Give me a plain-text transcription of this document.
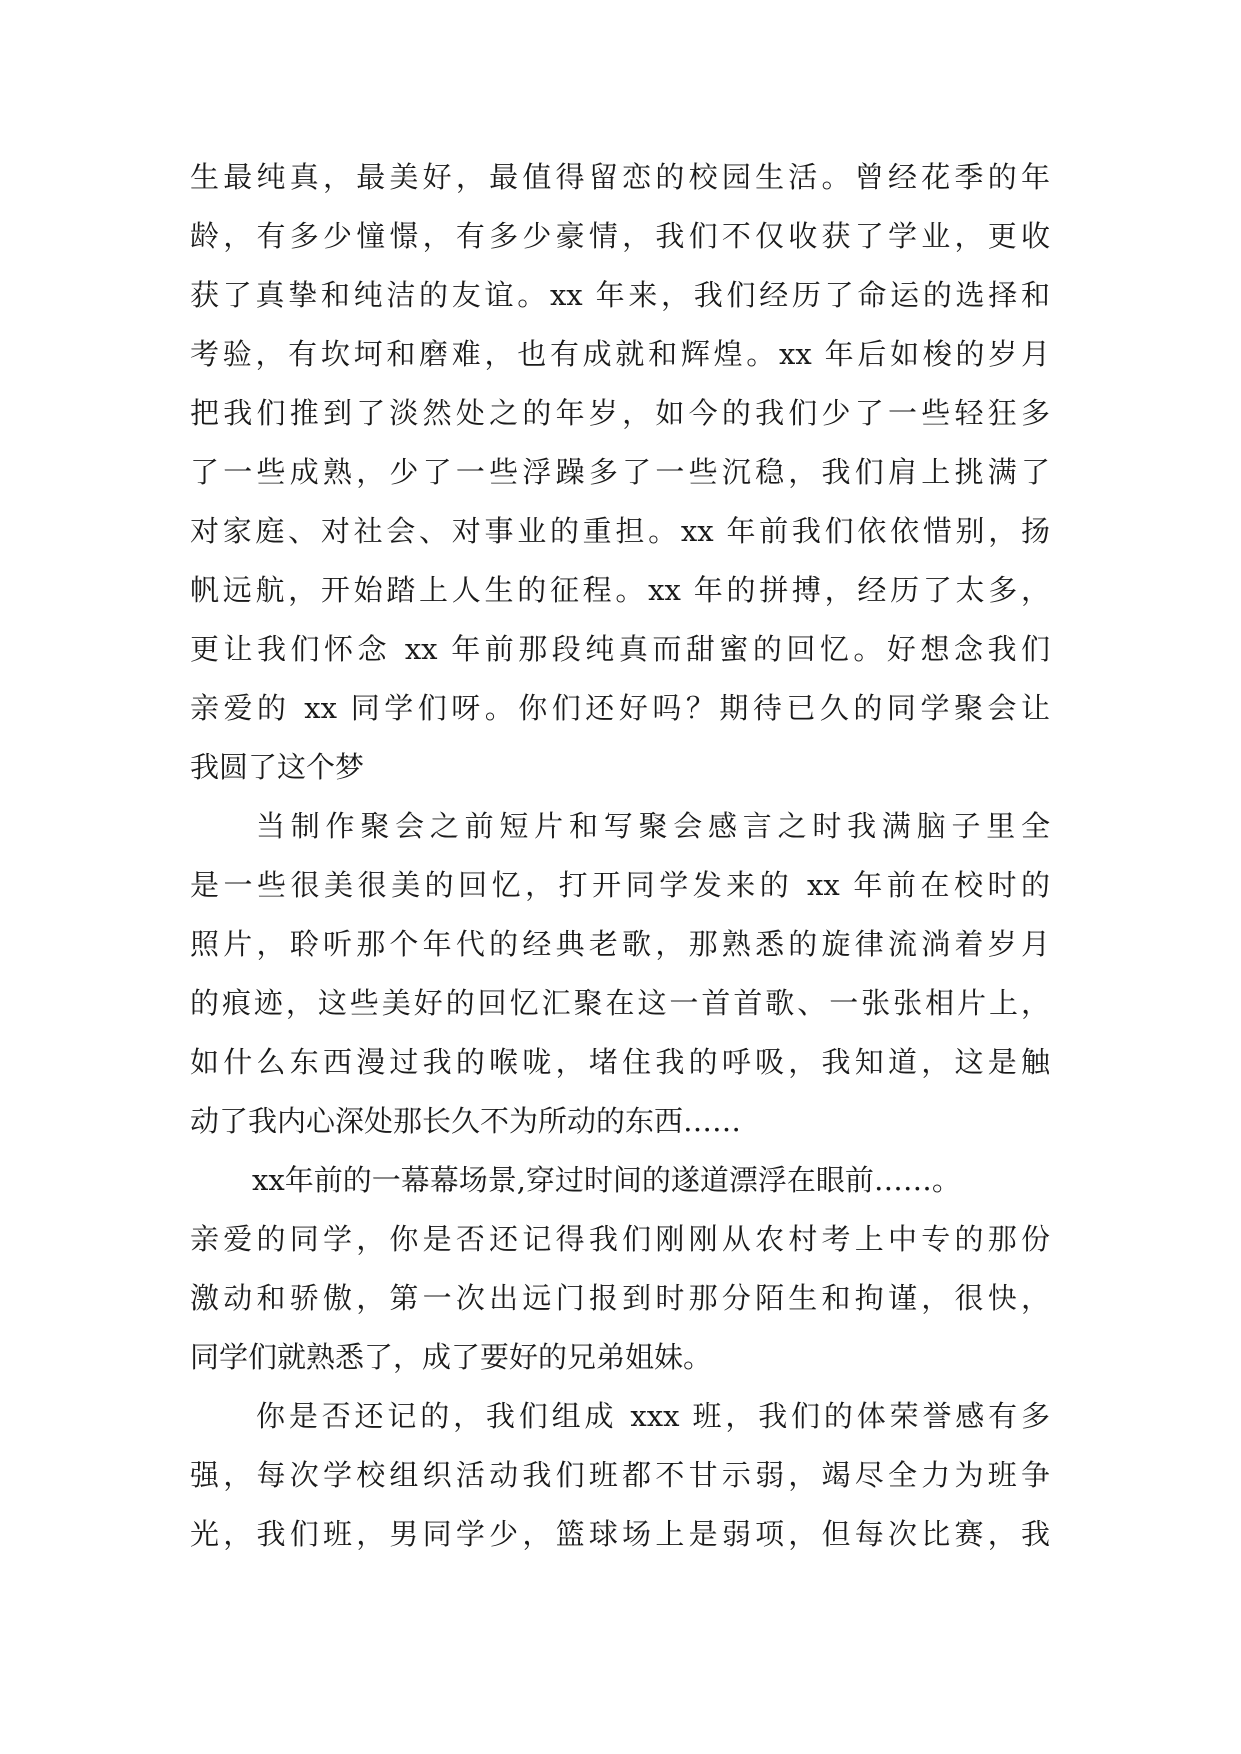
生最纯真，最美好，最值得留恋的校园生活。曾经花季的年
龄，有多少憧憬，有多少豪情，我们不仅收获了学业，更收
获了真挚和纯洁的友谊。xx 年来，我们经历了命运的选择和
考验，有坎坷和磨难，也有成就和辉煌。xx 年后如梭的岁月
把我们推到了淡然处之的年岁，如今的我们少了一些轻狂多
了一些成熟，少了一些浮躁多了一些沉稳，我们肩上挑满了
对家庭、对社会、对事业的重担。xx 年前我们依依惜别，扬
帆远航，开始踏上人生的征程。xx 年的拼搏，经历了太多，
更让我们怀念 xx 年前那段纯真而甜蜜的回忆。好想念我们
亲爱的 xx 同学们呀。你们还好吗？期待已久的同学聚会让
我圆了这个梦
当制作聚会之前短片和写聚会感言之时我满脑子里全
是一些很美很美的回忆，打开同学发来的 xx 年前在校时的
照片，聆听那个年代的经典老歌，那熟悉的旋律流淌着岁月
的痕迹，这些美好的回忆汇聚在这一首首歌、一张张相片上，
如什么东西漫过我的喉咙，堵住我的呼吸，我知道，这是触
动了我内心深处那长久不为所动的东西……
xx年前的一幕幕场景,穿过时间的遂道漂浮在眼前……。
亲爱的同学，你是否还记得我们刚刚从农村考上中专的那份
激动和骄傲，第一次出远门报到时那分陌生和拘谨，很快，
同学们就熟悉了，成了要好的兄弟姐妹。
你是否还记的，我们组成 xxx 班，我们的体荣誉感有多
强，每次学校组织活动我们班都不甘示弱，竭尽全力为班争
光，我们班，男同学少，篮球场上是弱项，但每次比赛，我
